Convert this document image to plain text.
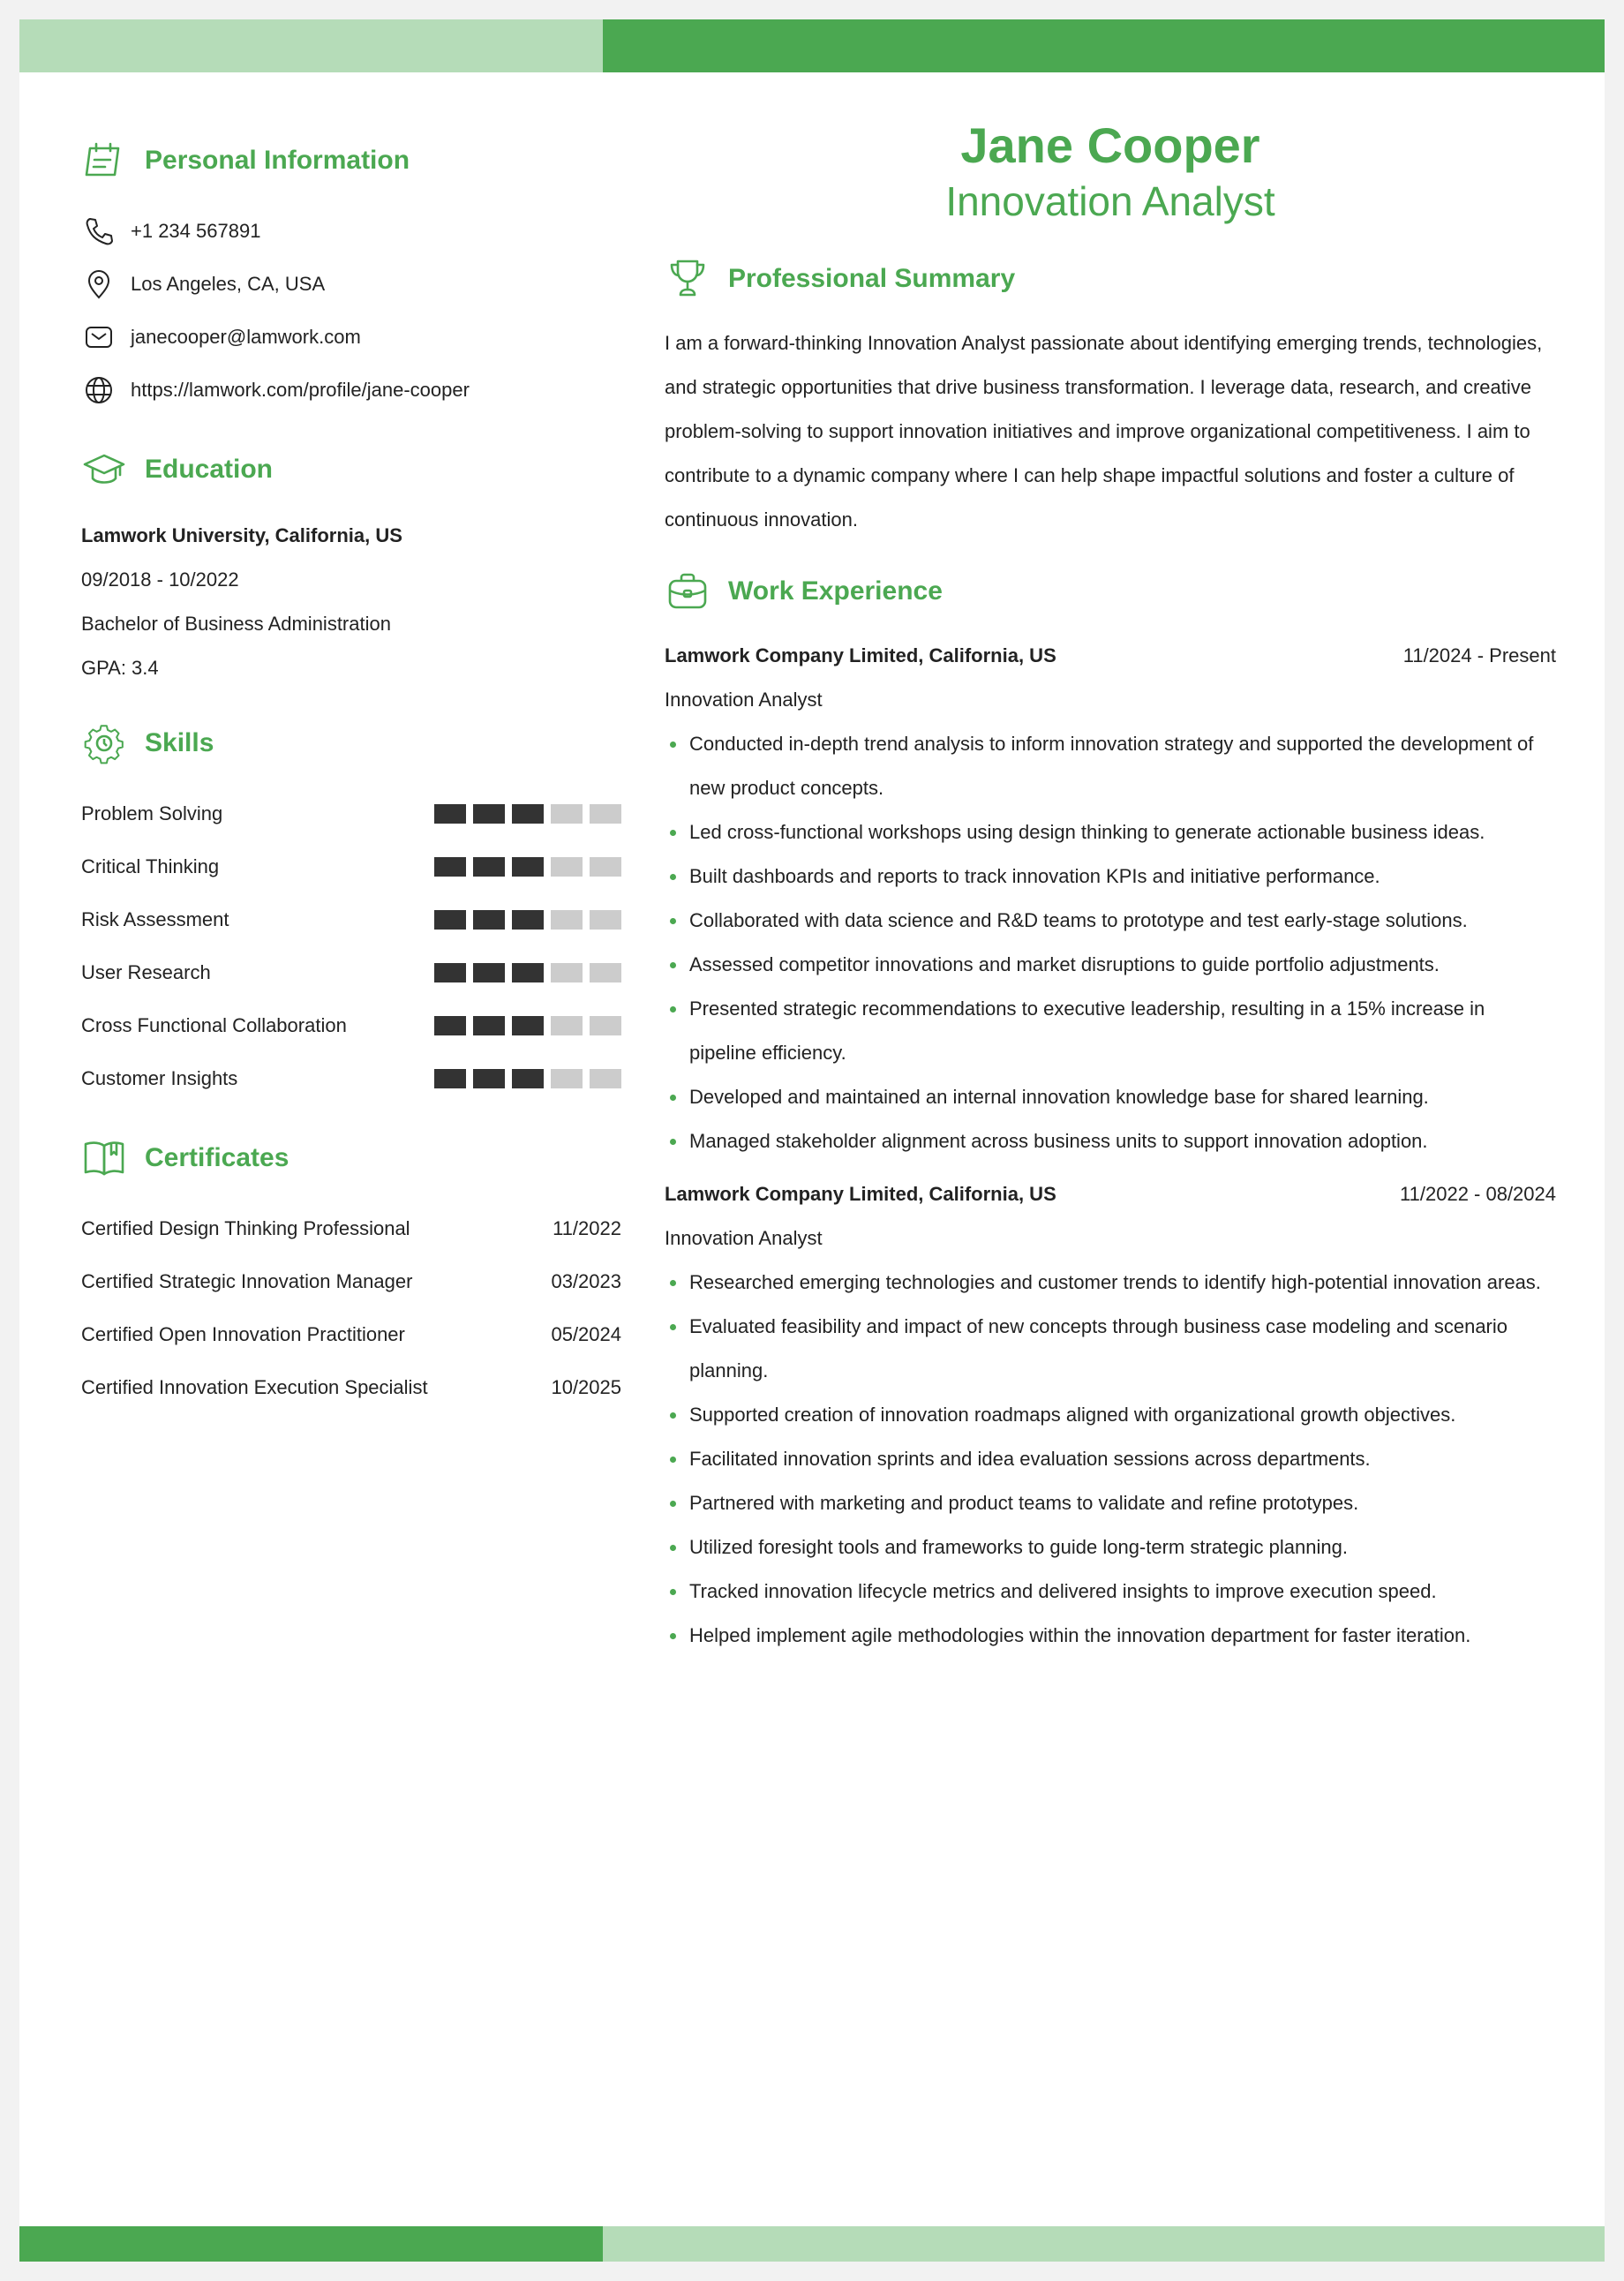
Personal Information
+1 234 567891
Los Angeles, CA, USA
janecooper@lamwork.com
https://lamwork.com/profile/jane-cooper
Education
Lamwork University, California, US
09/2018 - 10/2022
Bachelor of Business Administration
GPA: 3.4
Skills
Problem Solving
Critical Thinking
Risk Assessment
User Research
Cross Functional Collaboration
Customer Insights
Certificates
Certified Design Thinking Professional	11/2022
Certified Strategic Innovation Manager	03/2023
Certified Open Innovation Practitioner	05/2024
Certified Innovation Execution Specialist	10/2025
Jane Cooper
Innovation Analyst
Professional Summary
I am a forward-thinking Innovation Analyst passionate about identifying emerging trends, technologies,
and strategic opportunities that drive business transformation. I leverage data, research, and creative
problem-solving to support innovation initiatives and improve organizational competitiveness. I aim to
contribute to a dynamic company where I can help shape impactful solutions and foster a culture of
continuous innovation.
Work Experience
Lamwork Company Limited, California, US	11/2024 - Present
Innovation Analyst
Conducted in-depth trend analysis to inform innovation strategy and supported the development of new product concepts.
Led cross-functional workshops using design thinking to generate actionable business ideas.
Built dashboards and reports to track innovation KPIs and initiative performance.
Collaborated with data science and R&D teams to prototype and test early-stage solutions.
Assessed competitor innovations and market disruptions to guide portfolio adjustments.
Presented strategic recommendations to executive leadership, resulting in a 15% increase in pipeline efficiency.
Developed and maintained an internal innovation knowledge base for shared learning.
Managed stakeholder alignment across business units to support innovation adoption.
Lamwork Company Limited, California, US	11/2022 - 08/2024
Innovation Analyst
Researched emerging technologies and customer trends to identify high-potential innovation areas.
Evaluated feasibility and impact of new concepts through business case modeling and scenario planning.
Supported creation of innovation roadmaps aligned with organizational growth objectives.
Facilitated innovation sprints and idea evaluation sessions across departments.
Partnered with marketing and product teams to validate and refine prototypes.
Utilized foresight tools and frameworks to guide long-term strategic planning.
Tracked innovation lifecycle metrics and delivered insights to improve execution speed.
Helped implement agile methodologies within the innovation department for faster iteration.
